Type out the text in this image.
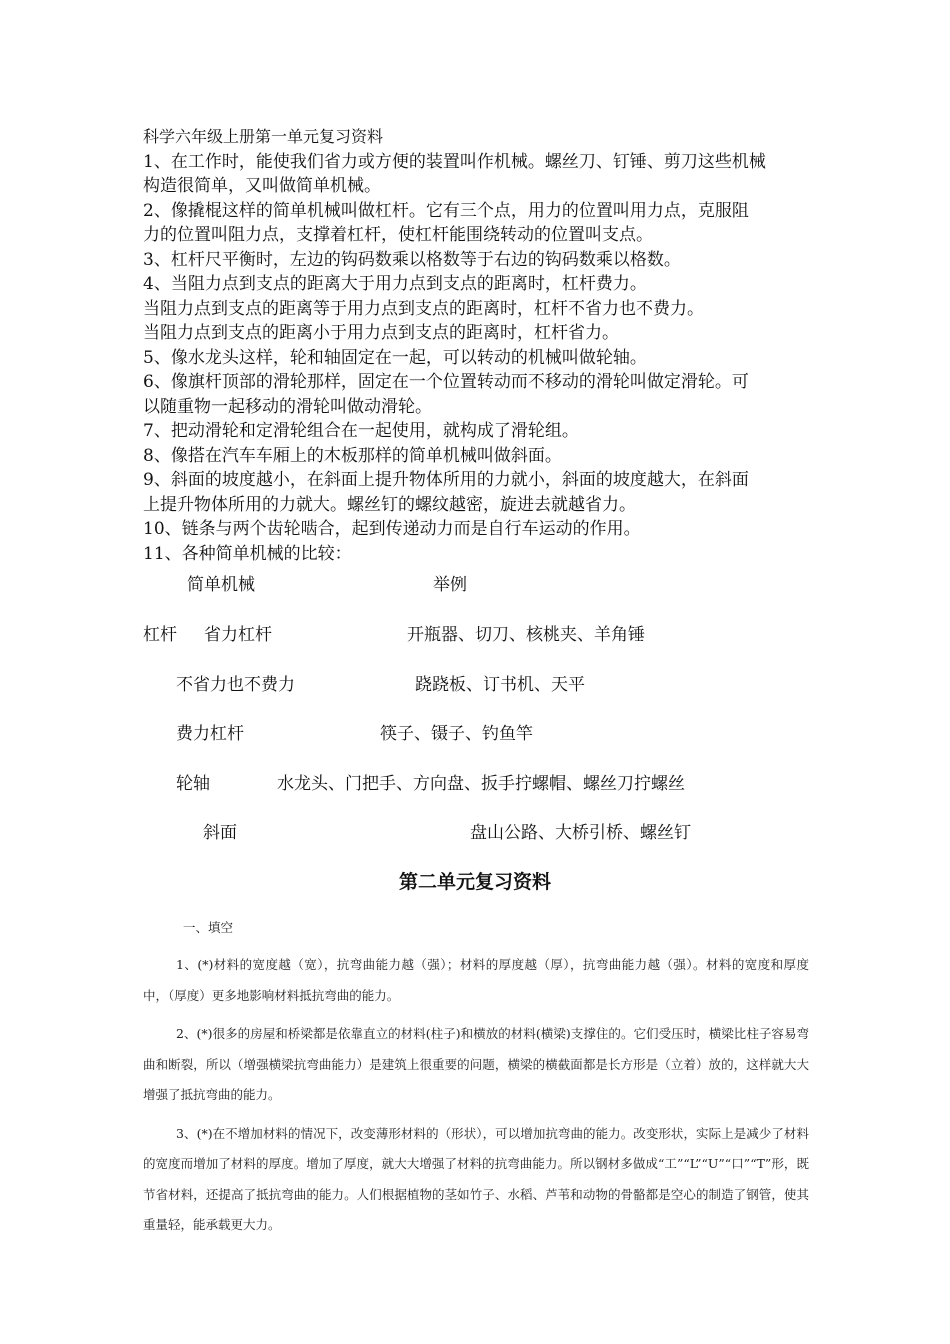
科学六年级上册第一单元复习资料
1、在工作时，能使我们省力或方便的装置叫作机械。螺丝刀、钉锤、剪刀这些机械
构造很简单，又叫做简单机械。
2、像撬棍这样的简单机械叫做杠杆。它有三个点，用力的位置叫用力点，克服阻
力的位置叫阻力点，支撑着杠杆，使杠杆能围绕转动的位置叫支点。
3、杠杆尺平衡时，左边的钩码数乘以格数等于右边的钩码数乘以格数。
4、当阻力点到支点的距离大于用力点到支点的距离时，杠杆费力。
当阻力点到支点的距离等于用力点到支点的距离时，杠杆不省力也不费力。
当阻力点到支点的距离小于用力点到支点的距离时，杠杆省力。
5、像水龙头这样，轮和轴固定在一起，可以转动的机械叫做轮轴。
6、像旗杆顶部的滑轮那样，固定在一个位置转动而不移动的滑轮叫做定滑轮。可
以随重物一起移动的滑轮叫做动滑轮。
7、把动滑轮和定滑轮组合在一起使用，就构成了滑轮组。
8、像搭在汽车车厢上的木板那样的简单机械叫做斜面。
9、斜面的坡度越小，在斜面上提升物体所用的力就小，斜面的坡度越大，在斜面
上提升物体所用的力就大。螺丝钉的螺纹越密，旋进去就越省力。
10、链条与两个齿轮啮合，起到传递动力而是自行车运动的作用。
11、各种简单机械的比较：
简单机械	举例
杠杆 省力杠杆	开瓶器、切刀、核桃夹、羊角锤
不省力也不费力	跷跷板、订书机、天平
费力杠杆	筷子、镊子、钓鱼竿
轮轴	水龙头、门把手、方向盘、扳手拧螺帽、螺丝刀拧螺丝
斜面	盘山公路、大桥引桥、螺丝钉
第二单元复习资料
一、填空
1、(*)材料的宽度越（宽），抗弯曲能力越（强）；材料的厚度越（厚），抗弯曲能力越（强）。材料的宽度和厚度中，（厚度）更多地影响材料抵抗弯曲的能力。
2、(*)很多的房屋和桥梁都是依靠直立的材料(柱子)和横放的材料(横梁)支撑住的。它们受压时，横梁比柱子容易弯曲和断裂，所以（增强横梁抗弯曲能力）是建筑上很重要的问题，横梁的横截面都是长方形是（立着）放的，这样就大大增强了抵抗弯曲的能力。
3、(*)在不增加材料的情况下，改变薄形材料的（形状），可以增加抗弯曲的能力。改变形状，实际上是减少了材料的宽度而增加了材料的厚度。增加了厚度，就大大增强了材料的抗弯曲能力。所以钢材多做成“工”“L”“U”“口”“T”形，既节省材料，还提高了抵抗弯曲的能力。人们根据植物的茎如竹子、水稻、芦苇和动物的骨骼都是空心的制造了钢管，使其重量轻，能承载更大力。
